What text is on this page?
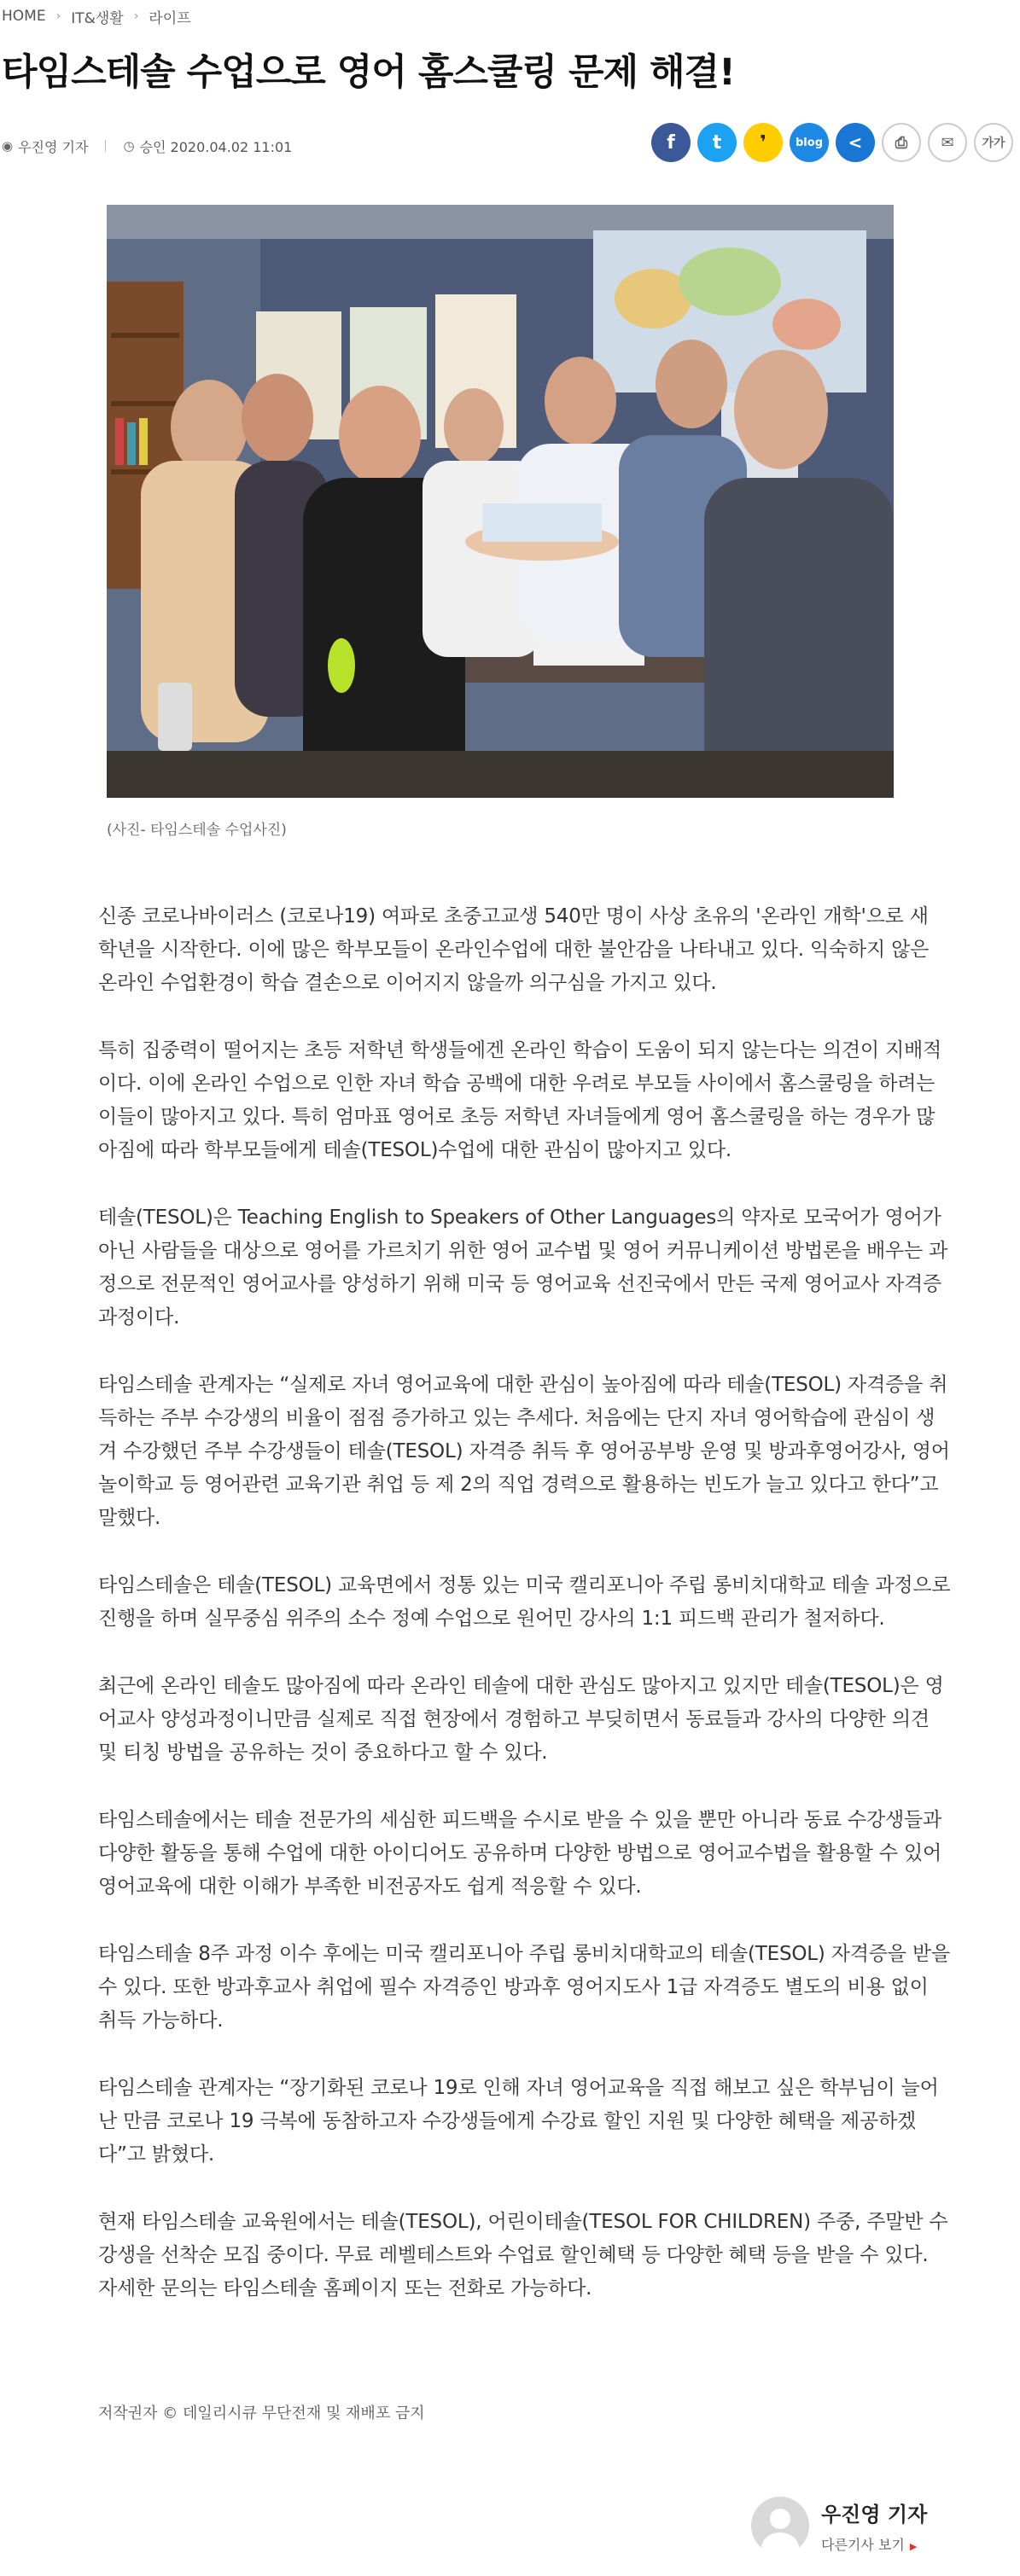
HOME › IT&생활 › 라이프
타임스테솔 수업으로 영어 홈스쿨링 문제 해결!
◉ 우진영 기자	◷ 승인 2020.04.02 11:01	f	t	❜	blog	<	⎙	✉	가가
(사진- 타임스테솔 수업사진)

신종 코로나바이러스 (코로나19) 여파로 초중고교생 540만 명이 사상 초유의 '온라인 개학'으로 새 학년을 시작한다. 이에 많은 학부모들이 온라인수업에 대한 불안감을 나타내고 있다. 익숙하지 않은 온라인 수업환경이 학습 결손으로 이어지지 않을까 의구심을 가지고 있다.

특히 집중력이 떨어지는 초등 저학년 학생들에겐 온라인 학습이 도움이 되지 않는다는 의견이 지배적이다. 이에 온라인 수업으로 인한 자녀 학습 공백에 대한 우려로 부모들 사이에서 홈스쿨링을 하려는 이들이 많아지고 있다. 특히 엄마표 영어로 초등 저학년 자녀들에게 영어 홈스쿨링을 하는 경우가 많아짐에 따라 학부모들에게 테솔(TESOL)수업에 대한 관심이 많아지고 있다.

테솔(TESOL)은 Teaching English to Speakers of Other Languages의 약자로 모국어가 영어가 아닌 사람들을 대상으로 영어를 가르치기 위한 영어 교수법 및 영어 커뮤니케이션 방법론을 배우는 과정으로 전문적인 영어교사를 양성하기 위해 미국 등 영어교육 선진국에서 만든 국제 영어교사 자격증 과정이다.

타임스테솔 관계자는 “실제로 자녀 영어교육에 대한 관심이 높아짐에 따라 테솔(TESOL) 자격증을 취득하는 주부 수강생의 비율이 점점 증가하고 있는 추세다. 처음에는 단지 자녀 영어학습에 관심이 생겨 수강했던 주부 수강생들이 테솔(TESOL) 자격증 취득 후 영어공부방 운영 및 방과후영어강사, 영어놀이학교 등 영어관련 교육기관 취업 등 제 2의 직업 경력으로 활용하는 빈도가 늘고 있다고 한다”고 말했다.

타임스테솔은 테솔(TESOL) 교육면에서 정통 있는 미국 캘리포니아 주립 롱비치대학교 테솔 과정으로 진행을 하며 실무중심 위주의 소수 정예 수업으로 원어민 강사의 1:1 피드백 관리가 철저하다.

최근에 온라인 테솔도 많아짐에 따라 온라인 테솔에 대한 관심도 많아지고 있지만 테솔(TESOL)은 영어교사 양성과정이니만큼 실제로 직접 현장에서 경험하고 부딪히면서 동료들과 강사의 다양한 의견 및 티칭 방법을 공유하는 것이 중요하다고 할 수 있다.

타임스테솔에서는 테솔 전문가의 세심한 피드백을 수시로 받을 수 있을 뿐만 아니라 동료 수강생들과 다양한 활동을 통해 수업에 대한 아이디어도 공유하며 다양한 방법으로 영어교수법을 활용할 수 있어 영어교육에 대한 이해가 부족한 비전공자도 쉽게 적응할 수 있다.

타임스테솔 8주 과정 이수 후에는 미국 캘리포니아 주립 롱비치대학교의 테솔(TESOL) 자격증을 받을 수 있다. 또한 방과후교사 취업에 필수 자격증인 방과후 영어지도사 1급 자격증도 별도의 비용 없이 취득 가능하다.

타임스테솔 관계자는 “장기화된 코로나 19로 인해 자녀 영어교육을 직접 해보고 싶은 학부님이 늘어난 만큼 코로나 19 극복에 동참하고자 수강생들에게 수강료 할인 지원 및 다양한 혜택을 제공하겠다”고 밝혔다.

현재 타임스테솔 교육원에서는 테솔(TESOL), 어린이테솔(TESOL FOR CHILDREN) 주중, 주말반 수강생을 선착순 모집 중이다. 무료 레벨테스트와 수업료 할인혜택 등 다양한 혜택 등을 받을 수 있다. 자세한 문의는 타임스테솔 홈페이지 또는 전화로 가능하다.

저작권자 © 데일리시큐 무단전재 및 재배포 금지
우진영 기자
다른기사 보기 ▶
